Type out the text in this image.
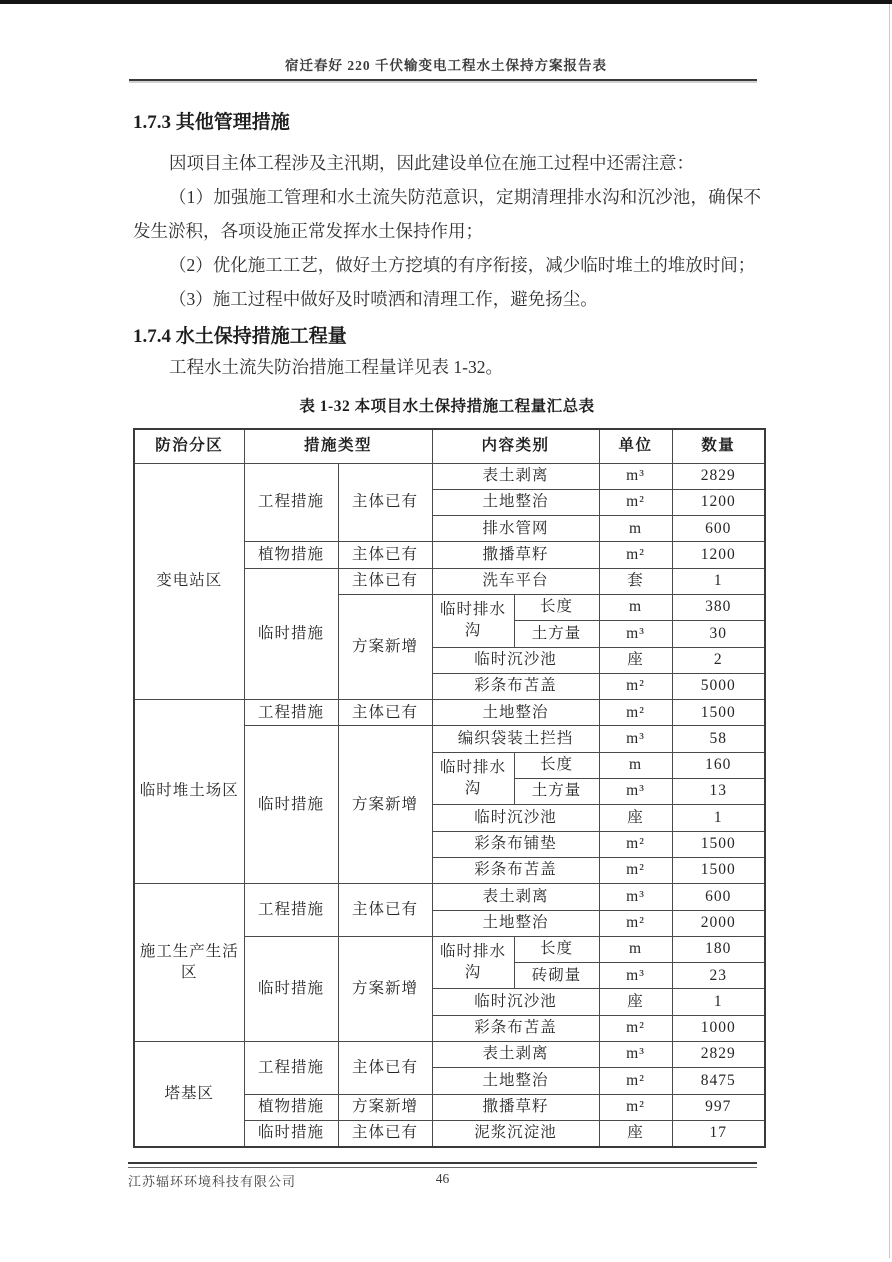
宿迁春好 220 千伏输变电工程水土保持方案报告表
1.7.3 其他管理措施

因项目主体工程涉及主汛期，因此建设单位在施工过程中还需注意：

（1）加强施工管理和水土流失防范意识，定期清理排水沟和沉沙池，确保不发生淤积，各项设施正常发挥水土保持作用；

（2）优化施工工艺，做好土方挖填的有序衔接，减少临时堆土的堆放时间；

（3）施工过程中做好及时喷洒和清理工作，避免扬尘。

1.7.4 水土保持措施工程量

工程水土流失防治措施工程量详见表 1-32。

表 1-32 本项目水土保持措施工程量汇总表
防治分区	措施类型		内容类别		单位	数量
变电站区	工程措施	主体已有	表土剥离		m³	2829
			土地整治		m²	1200
			排水管网		m	600
	植物措施	主体已有	撒播草籽		m²	1200
	临时措施	主体已有	洗车平台		套	1
		方案新增	临时排水沟	长度	m	380
				土方量	m³	30
			临时沉沙池		座	2
			彩条布苫盖		m²	5000
临时堆土场区	工程措施	主体已有	土地整治		m²	1500
	临时措施	方案新增	编织袋装土拦挡		m³	58
			临时排水沟	长度	m	160
				土方量	m³	13
			临时沉沙池		座	1
			彩条布铺垫		m²	1500
			彩条布苫盖		m²	1500
施工生产生活区	工程措施	主体已有	表土剥离		m³	600
			土地整治		m²	2000
	临时措施	方案新增	临时排水沟	长度	m	180
				砖砌量	m³	23
			临时沉沙池		座	1
			彩条布苫盖		m²	1000
塔基区	工程措施	主体已有	表土剥离		m³	2829
			土地整治		m²	8475
	植物措施	方案新增	撒播草籽		m²	997
	临时措施	主体已有	泥浆沉淀池		座	17
江苏辐环环境科技有限公司	46
